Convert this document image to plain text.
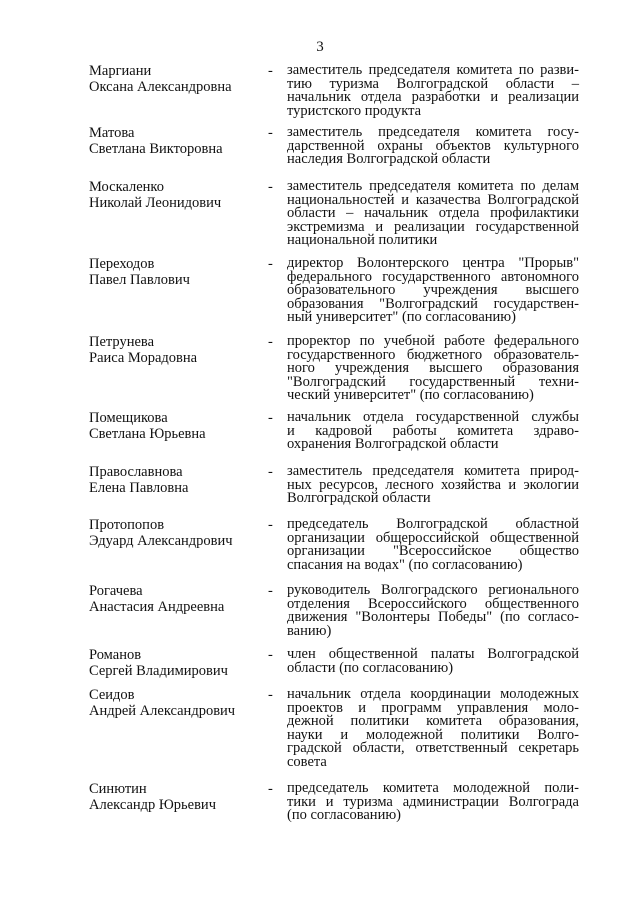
3
Маргиани
Оксана Александровна
- заместитель председателя комитета по разви-
тию туризма Волгоградской области –
начальник отдела разработки и реализации
туристского продукта
Матова
Светлана Викторовна
- заместитель председателя комитета госу-
дарственной охраны объектов культурного
наследия Волгоградской области
Москаленко
Николай Леонидович
- заместитель председателя комитета по делам
национальностей и казачества Волгоградской
области – начальник отдела профилактики
экстремизма и реализации государственной
национальной политики
Переходов
Павел Павлович
- директор Волонтерского центра "Прорыв"
федерального государственного автономного
образовательного учреждения высшего
образования "Волгоградский государствен-
ный университет" (по согласованию)
Петрунева
Раиса Морадовна
- проректор по учебной работе федерального
государственного бюджетного образователь-
ного учреждения высшего образования
"Волгоградский государственный техни-
ческий университет" (по согласованию)
Помещикова
Светлана Юрьевна
- начальник отдела государственной службы
и кадровой работы комитета здраво-
охранения Волгоградской области
Православнова
Елена Павловна
- заместитель председателя комитета природ-
ных ресурсов, лесного хозяйства и экологии
Волгоградской области
Протопопов
Эдуард Александрович
- председатель Волгоградской областной
организации общероссийской общественной
организации "Всероссийское общество
спасания на водах" (по согласованию)
Рогачева
Анастасия Андреевна
- руководитель Волгоградского регионального
отделения Всероссийского общественного
движения "Волонтеры Победы" (по согласо-
ванию)
Романов
Сергей Владимирович
- член общественной палаты Волгоградской
области (по согласованию)
Сеидов
Андрей Александрович
- начальник отдела координации молодежных
проектов и программ управления моло-
дежной политики комитета образования,
науки и молодежной политики Волго-
градской области, ответственный секретарь
совета
Синютин
Александр Юрьевич
- председатель комитета молодежной поли-
тики и туризма администрации Волгограда
(по согласованию)
